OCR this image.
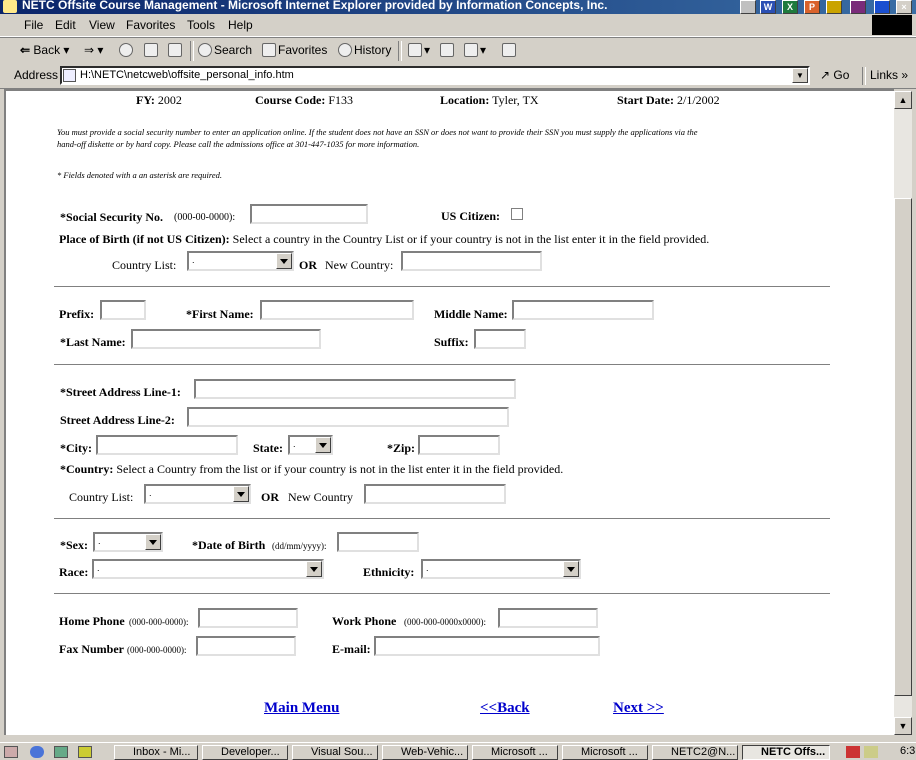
NETC Offsite Course Management - Microsoft Internet Explorer provided by Information Concepts, Inc.	W	X	P	×
File Edit View Favorites Tools Help
⇐ Back ▾ ⇒ ▾	Search	Favorites	History	▾	▾
Address	H:\NETC\netcweb\offsite_personal_info.htm	▼	↗ Go Links »
FY: 2002	Course Code: F133	Location: Tyler, TX	Start Date: 2/1/2002
You must provide a social security number to enter an application online. If the student does not have an SSN or does not want to provide their SSN you must supply the applications via the
hand-off diskette or by hard copy. Please call the admissions office at 301-447-1035 for more information.
* Fields denoted with a an asterisk are required.
*Social Security No. (000-00-0000):	US Citizen:
Place of Birth (if not US Citizen): Select a country in the Country List or if your country is not in the list enter it in the field provided.
Country List:	.	OR New Country:
Prefix:	*First Name:	Middle Name:
*Last Name:	Suffix:
*Street Address Line-1:
Street Address Line-2:
*City:	State:	.	*Zip:
*Country: Select a Country from the list or if your country is not in the list enter it in the field provided.
Country List:	.	OR New Country
*Sex:	.	*Date of Birth (dd/mm/yyyy):
Race: .	Ethnicity:	.
Home Phone (000-000-0000):	Work Phone (000-000-0000x0000):
Fax Number (000-000-0000):	E-mail:
Main Menu	<<Back	Next >>
▲
▼
Inbox - Mi...	Developer...	Visual Sou...	Web-Vehic...	Microsoft ...	Microsoft ...	NETC2@N...	NETC Offs...	6:3
